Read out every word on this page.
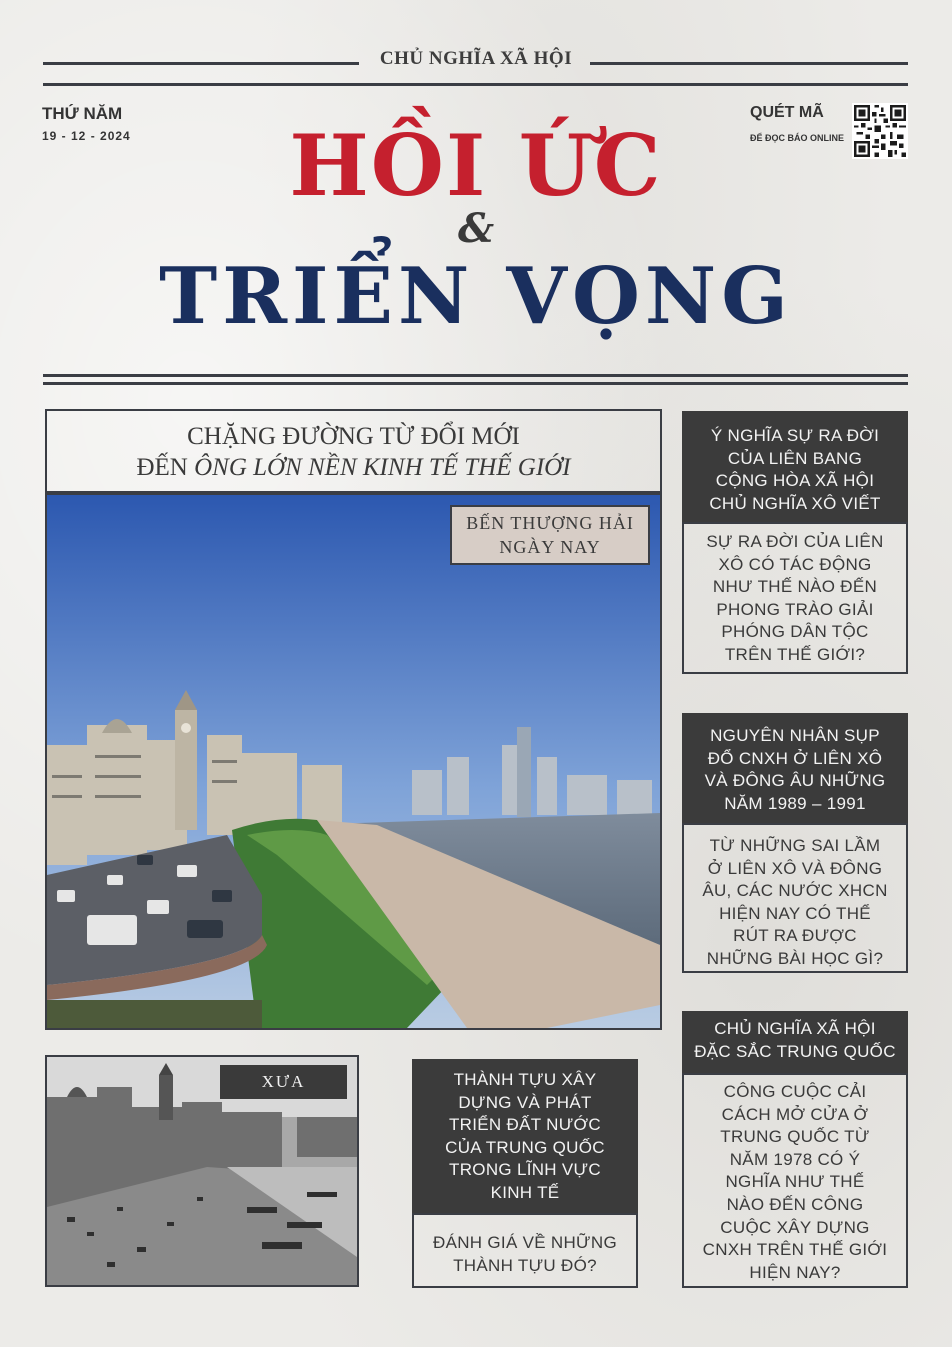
CHỦ NGHĨA XÃ HỘI
THỨ NĂM
19 - 12 - 2024
QUÉT MÃ
ĐỂ ĐỌC BÁO ONLINE
HỒI ỨC
&
TRIỂN VỌNG
CHẶNG ĐƯỜNG TỪ ĐỔI MỚI
ĐẾN ÔNG LỚN NỀN KINH TẾ THẾ GIỚI
BẾN THƯỢNG HẢI
NGÀY NAY
XƯA	THÀNH TỰU XÂY
DỰNG VÀ PHÁT
TRIỂN ĐẤT NƯỚC
CỦA TRUNG QUỐC
TRONG LĨNH VỰC
KINH TẾ
ĐÁNH GIÁ VỀ NHỮNG
THÀNH TỰU ĐÓ?
Ý NGHĨA SỰ RA ĐỜI
CỦA LIÊN BANG
CỘNG HÒA XÃ HỘI
CHỦ NGHĨA XÔ VIẾT
SỰ RA ĐỜI CỦA LIÊN
XÔ CÓ TÁC ĐỘNG
NHƯ THẾ NÀO ĐẾN
PHONG TRÀO GIẢI
PHÓNG DÂN TỘC
TRÊN THẾ GIỚI?
NGUYÊN NHÂN SỤP
ĐỔ CNXH Ở LIÊN XÔ
VÀ ĐÔNG ÂU NHỮNG
NĂM 1989 – 1991
TỪ NHỮNG SAI LẦM
Ở LIÊN XÔ VÀ ĐÔNG
ÂU, CÁC NƯỚC XHCN
HIỆN NAY CÓ THỂ
RÚT RA ĐƯỢC
NHỮNG BÀI HỌC GÌ?
CHỦ NGHĨA XÃ HỘI
ĐẶC SẮC TRUNG QUỐC
CÔNG CUỘC CẢI
CÁCH MỞ CỬA Ở
TRUNG QUỐC TỪ
NĂM 1978 CÓ Ý
NGHĨA NHƯ THẾ
NÀO ĐẾN CÔNG
CUỘC XÂY DỰNG
CNXH TRÊN THẾ GIỚI
HIỆN NAY?
